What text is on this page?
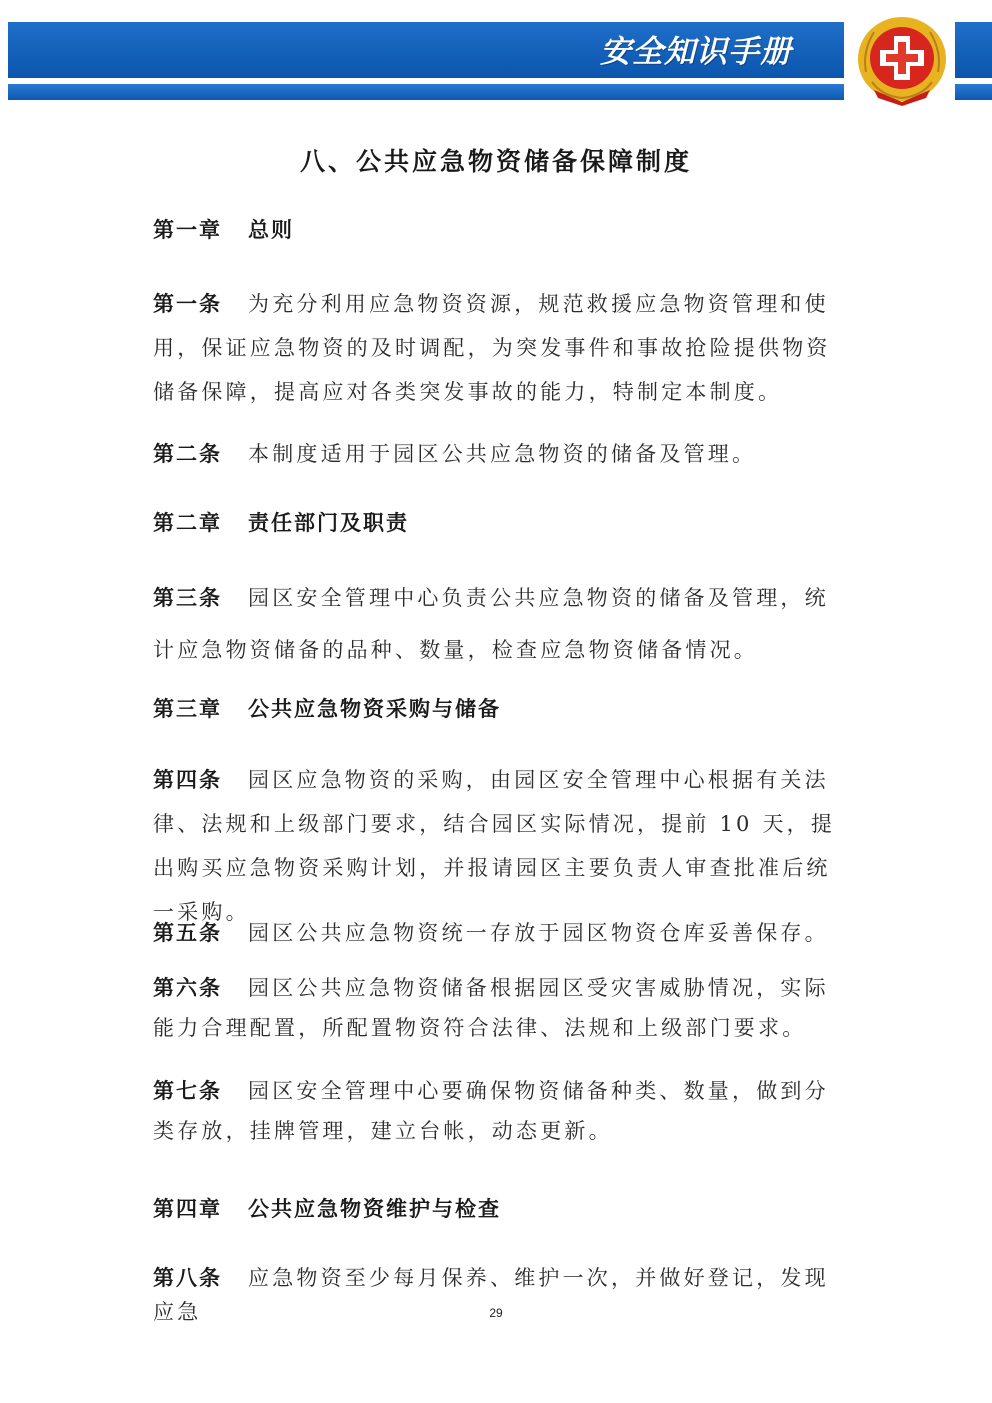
安全知识手册
八、公共应急物资储备保障制度
第一章 总则
第一条 为充分利用应急物资资源，规范救援应急物资管理和使用，保证应急物资的及时调配，为突发事件和事故抢险提供物资储备保障，提高应对各类突发事故的能力，特制定本制度。
第二条 本制度适用于园区公共应急物资的储备及管理。
第二章 责任部门及职责
第三条 园区安全管理中心负责公共应急物资的储备及管理，统计应急物资储备的品种、数量，检查应急物资储备情况。
第三章 公共应急物资采购与储备
第四条 园区应急物资的采购，由园区安全管理中心根据有关法律、法规和上级部门要求，结合园区实际情况，提前 10 天，提出购买应急物资采购计划，并报请园区主要负责人审查批准后统一采购。
第五条 园区公共应急物资统一存放于园区物资仓库妥善保存。
第六条 园区公共应急物资储备根据园区受灾害威胁情况，实际能力合理配置，所配置物资符合法律、法规和上级部门要求。
第七条 园区安全管理中心要确保物资储备种类、数量，做到分类存放，挂牌管理，建立台帐，动态更新。
第四章 公共应急物资维护与检查
第八条 应急物资至少每月保养、维护一次，并做好登记，发现应急	29
